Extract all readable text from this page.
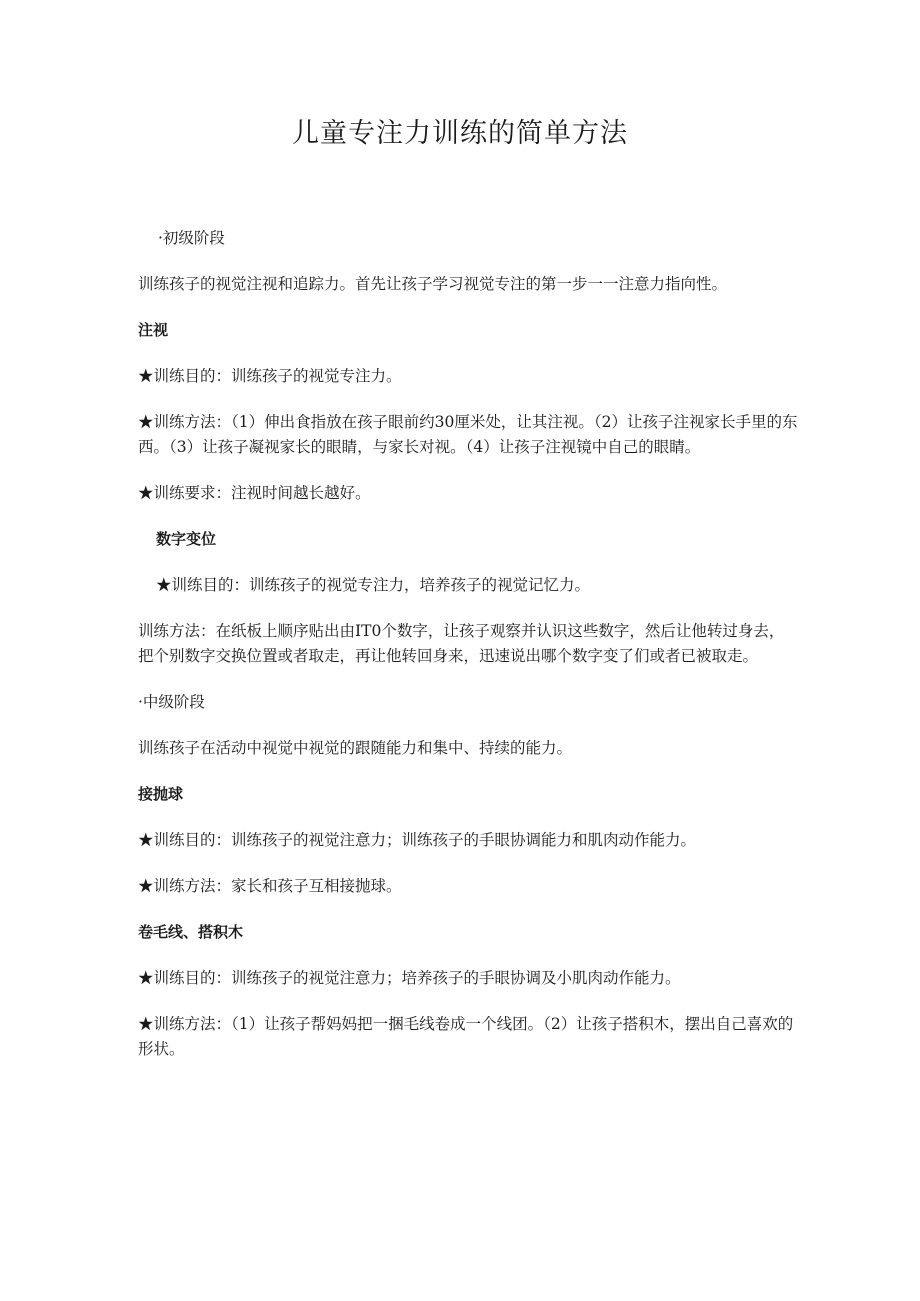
儿童专注力训练的简单方法

·初级阶段

训练孩子的视觉注视和追踪力。首先让孩子学习视觉专注的第一步一一注意力指向性。

注视

★训练目的：训练孩子的视觉专注力。

★训练方法：（1）伸出食指放在孩子眼前约30厘米处，让其注视。（2）让孩子注视家长手里的东西。（3）让孩子凝视家长的眼睛，与家长对视。（4）让孩子注视镜中自己的眼睛。

★训练要求：注视时间越长越好。

数字变位

★训练目的：训练孩子的视觉专注力，培养孩子的视觉记忆力。

训练方法：在纸板上顺序贴出由IT0个数字，让孩子观察并认识这些数字，然后让他转过身去，把个别数字交换位置或者取走，再让他转回身来，迅速说出哪个数字变了们或者已被取走。

·中级阶段

训练孩子在活动中视觉中视觉的跟随能力和集中、持续的能力。

接抛球

★训练目的：训练孩子的视觉注意力；训练孩子的手眼协调能力和肌肉动作能力。

★训练方法：家长和孩子互相接抛球。

卷毛线、搭积木

★训练目的：训练孩子的视觉注意力；培养孩子的手眼协调及小肌肉动作能力。

★训练方法：（1）让孩子帮妈妈把一捆毛线卷成一个线团。（2）让孩子搭积木，摆出自己喜欢的形状。
